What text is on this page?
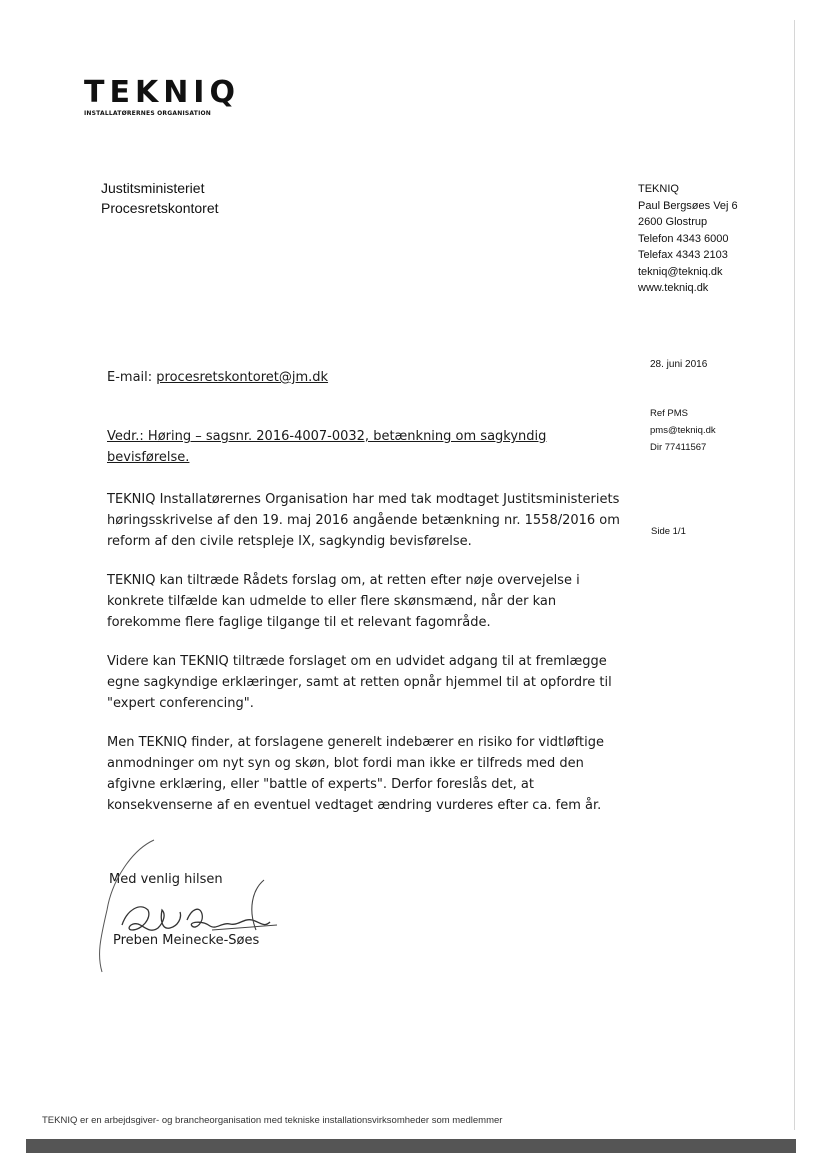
TEKNIQ
INSTALLATØRERNES ORGANISATION
Justitsministeriet
Procesretskontoret
TEKNIQ
Paul Bergsøes Vej 6
2600 Glostrup
Telefon 4343 6000
Telefax 4343 2103
tekniq@tekniq.dk
www.tekniq.dk
28. juni 2016
Ref PMS
pms@tekniq.dk
Dir 77411567
Side 1/1
E-mail: procesretskontoret@jm.dk
Vedr.: Høring – sagsnr. 2016-4007-0032, betænkning om sagkyndig bevisførelse.

TEKNIQ Installatørernes Organisation har med tak modtaget Justitsministeriets høringsskrivelse af den 19. maj 2016 angående betænkning nr. 1558/2016 om reform af den civile retspleje IX, sagkyndig bevisførelse.

TEKNIQ kan tiltræde Rådets forslag om, at retten efter nøje overvejelse i konkrete tilfælde kan udmelde to eller flere skønsmænd, når der kan forekomme flere faglige tilgange til et relevant fagområde.

Videre kan TEKNIQ tiltræde forslaget om en udvidet adgang til at fremlægge egne sagkyndige erklæringer, samt at retten opnår hjemmel til at opfordre til "expert conferencing".

Men TEKNIQ finder, at forslagene generelt indebærer en risiko for vidtløftige anmodninger om nyt syn og skøn, blot fordi man ikke er tilfreds med den afgivne erklæring, eller "battle of experts". Derfor foreslås det, at konsekvenserne af en eventuel vedtaget ændring vurderes efter ca. fem år.

Med venlig hilsen
Preben Meinecke-Søes
TEKNIQ er en arbejdsgiver- og brancheorganisation med tekniske installationsvirksomheder som medlemmer
